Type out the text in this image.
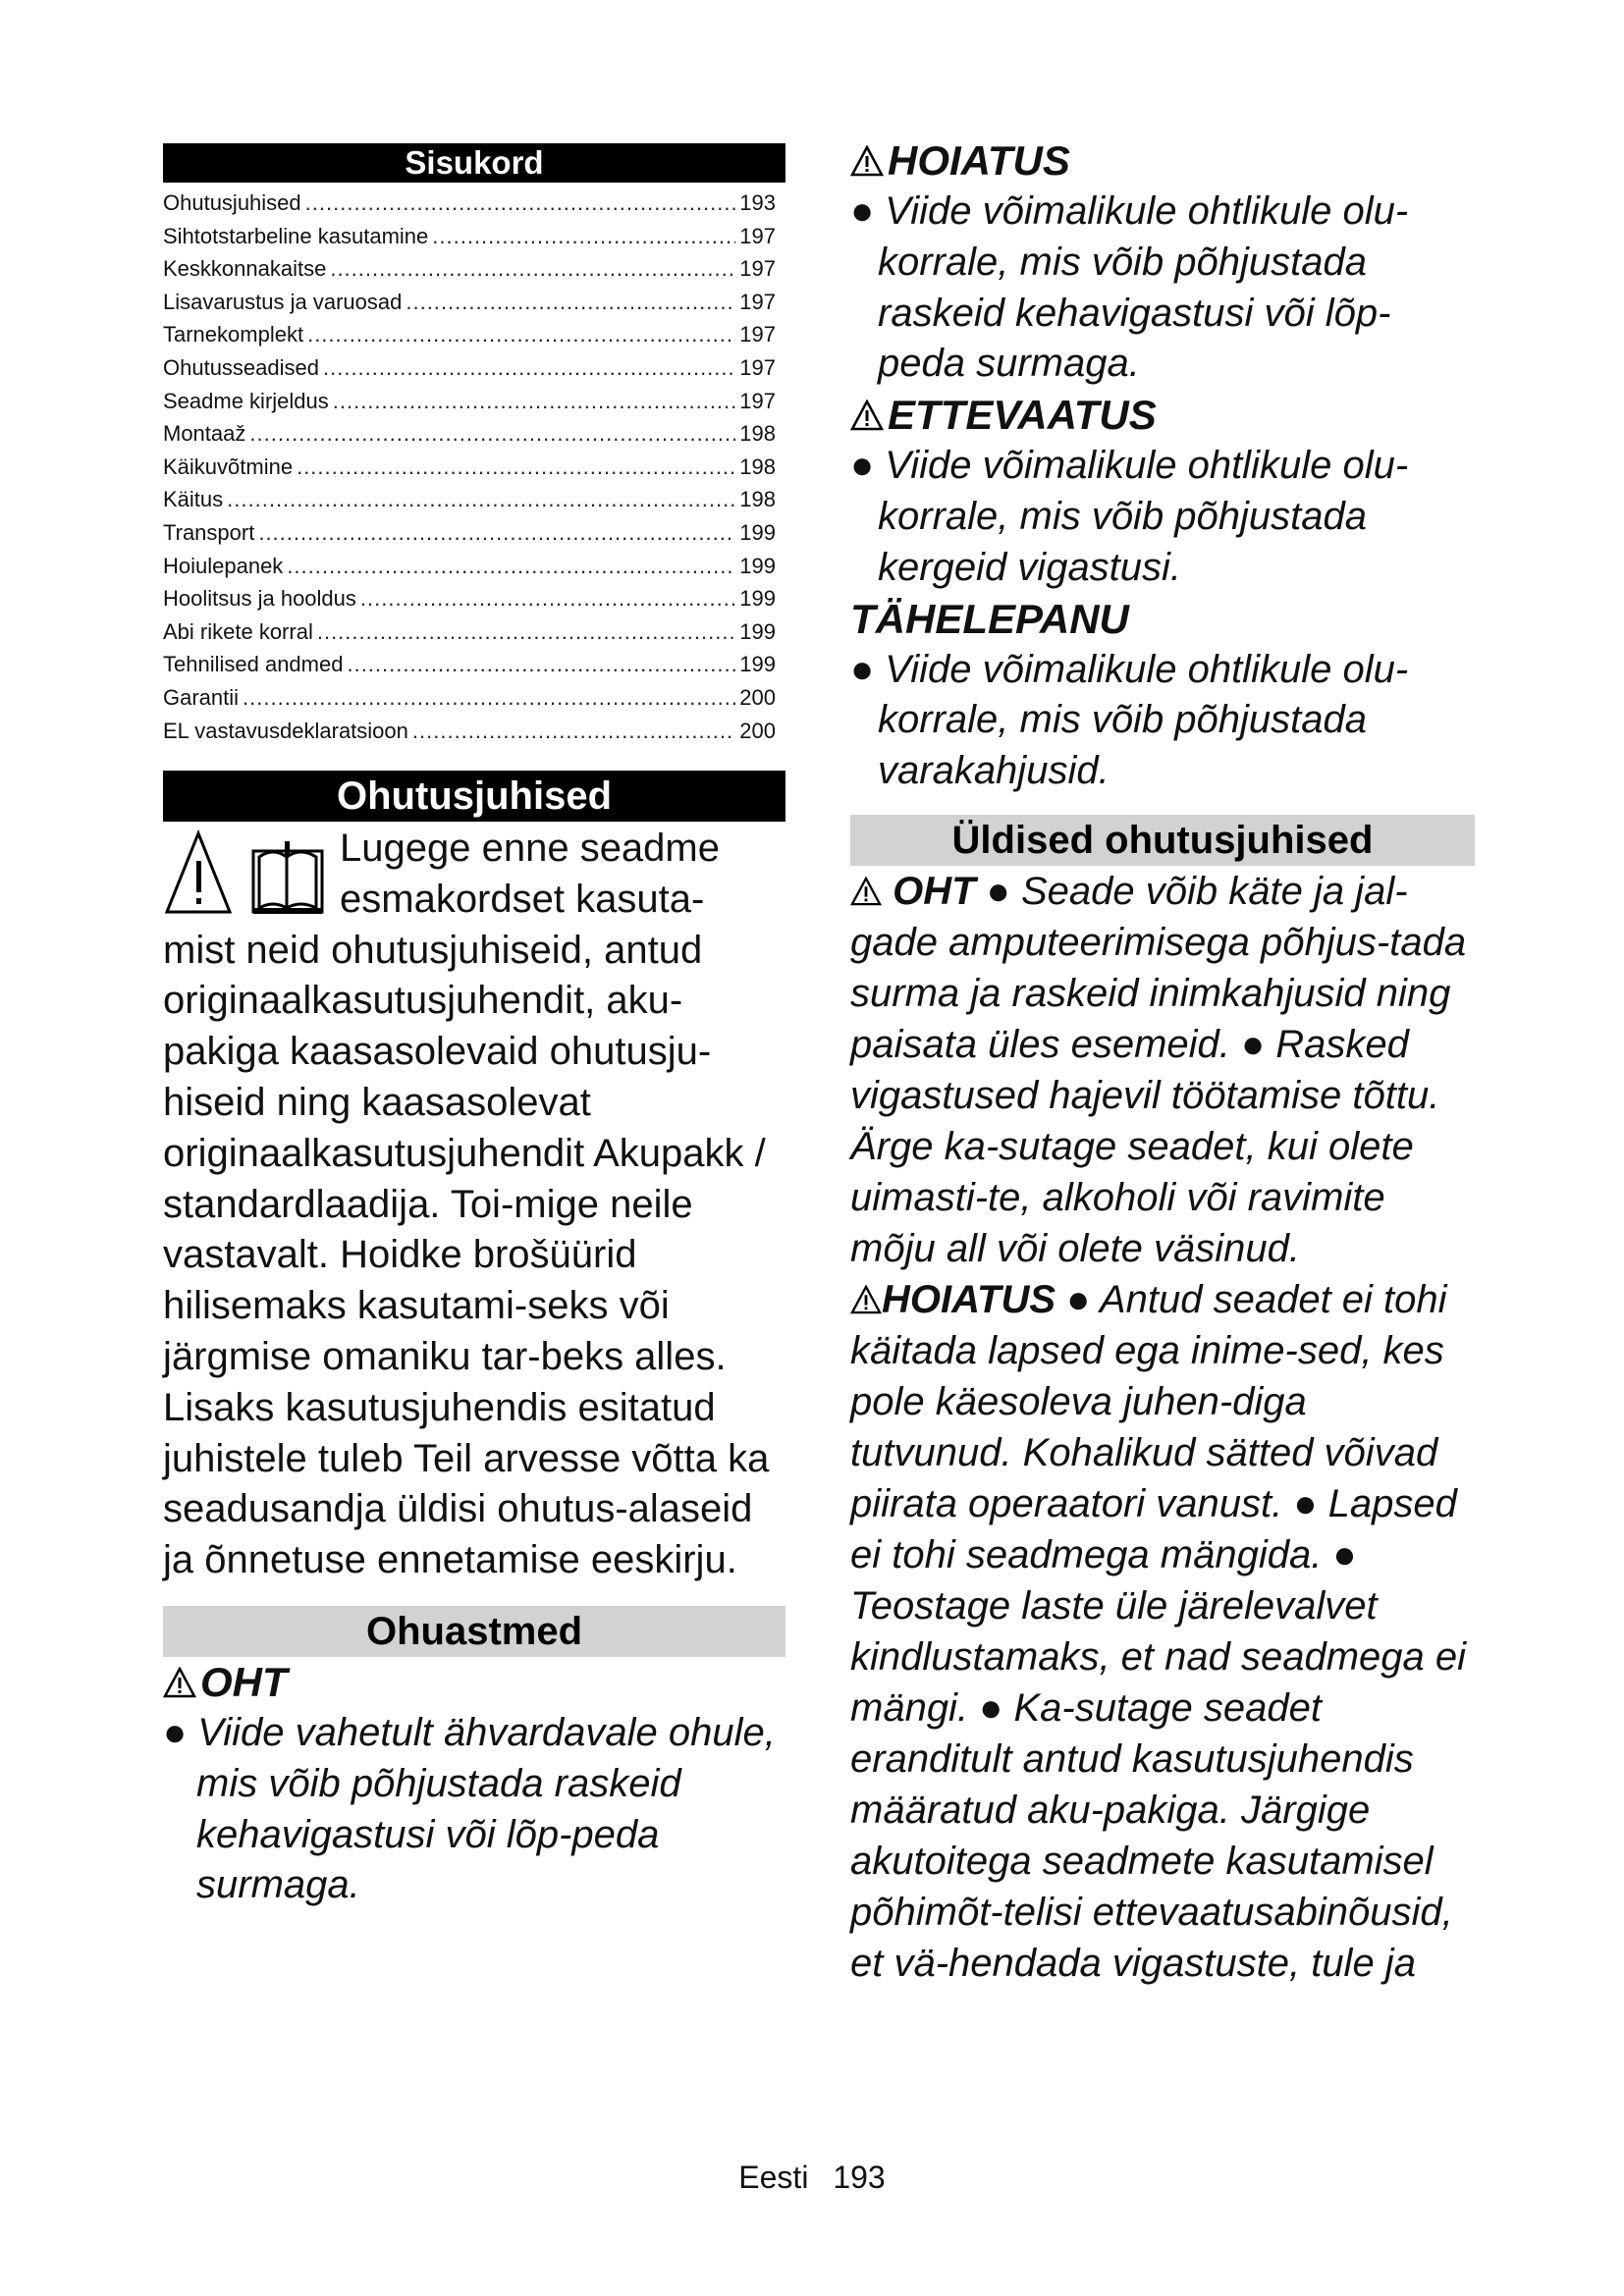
Sisukord
Ohutusjuhised .....	193
Sihtotstarbeline kasutamine .....	197
Keskkonnakaitse .....	197
Lisavarustus ja varuosad .....	197
Tarnekomplekt .....	197
Ohutusseadised .....	197
Seadme kirjeldus .....	197
Montaaž .....	198
Käikuvõtmine .....	198
Käitus .....	198
Transport .....	199
Hoiulepanek .....	199
Hoolitsus ja hooldus .....	199
Abi rikete korral .....	199
Tehnilised andmed .....	199
Garantii .....	200
EL vastavusdeklaratsioon .....	200
Ohutusjuhised
Lugege enne seadme esmakordset kasuta-
mist neid ohutusjuhiseid, antud originaalkasutusjuhendit, aku-pakiga kaasasolevaid ohutusju-hiseid ning kaasasolevat originaalkasutusjuhendit Akupakk / standardlaadija. Toi-mige neile vastavalt. Hoidke brošüürid hilisemaks kasutami-seks või järgmise omaniku tar-beks alles.
Lisaks kasutusjuhendis esitatud juhistele tuleb Teil arvesse võtta ka seadusandja üldisi ohutus-alaseid ja õnnetuse ennetamise eeskirju.
Ohuastmed
OHT
● Viide vahetult ähvardavale ohule, mis võib põhjustada raskeid kehavigastusi või lõp-peda surmaga.
HOIATUS
● Viide võimalikule ohtlikule olu-korrale, mis võib põhjustada raskeid kehavigastusi või lõp-peda surmaga.
ETTEVAATUS
● Viide võimalikule ohtlikule olu-korrale, mis võib põhjustada kergeid vigastusi.
TÄHELEPANU
● Viide võimalikule ohtlikule olu-korrale, mis võib põhjustada varakahjusid.
Üldised ohutusjuhised
OHT ● Seade võib käte ja jal-gade amputeerimisega põhjus-tada surma ja raskeid inimkahjusid ning paisata üles esemeid. ● Rasked vigastused hajevil töötamise tõttu. Ärge ka-sutage seadet, kui olete uimasti-te, alkoholi või ravimite mõju all või olete väsinud.
HOIATUS ● Antud seadet ei tohi käitada lapsed ega inime-sed, kes pole käesoleva juhen-diga tutvunud. Kohalikud sätted võivad piirata operaatori vanust. ● Lapsed ei tohi seadmega mängida. ● Teostage laste üle järelevalvet kindlustamaks, et nad seadmega ei mängi. ● Ka-sutage seadet eranditult antud kasutusjuhendis määratud aku-pakiga. Järgige akutoitega seadmete kasutamisel põhimõt-telisi ettevaatusabinõusid, et vä-hendada vigastuste, tule ja
Eesti 193
